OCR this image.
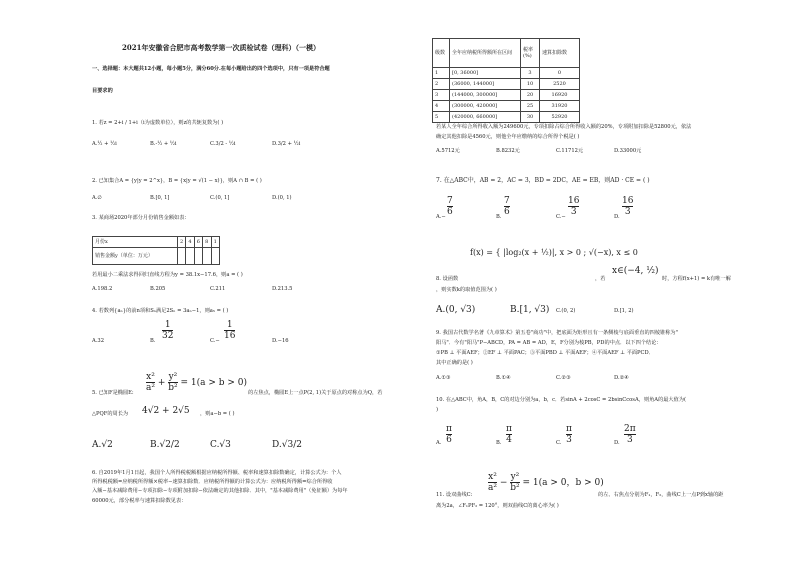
2021年安徽省合肥市高考数学第一次质检试卷（理科）（一模）
一、选择题：本大题共12小题，每小题5分，满分60分.在每小题给出的四个选项中，只有一项是符合题
目要求的
1. 若z = 2+i / 1+i（i为虚数单位），则z的共轭复数为( )
A.½ + ½i	B.-½ + ½i	C.3/2 - ½i	D.3/2 + ½i
2. 已知集合A = {y|y = 2^x}，B = {x|y = √(1 − x)}，则A ∩ B = ( )
A.∅	B.[0, 1]	C.(0, 1]	D.(0, 1)
3. 某商场2020年部分月份销售金额如表：
月份x	2	4	6	8	1
销售金额y（单位：万元）					
若用最小二乘法求得回归直线方程为y = 38.1x−17.6，则a = ( )
A.198.2	B.205	C.211	D.213.5
4. 若数列{aₙ}的前n项和Sₙ满足2Sₙ = 3aₙ−1，则a₅ = ( )
A.32	B. $\frac{1}{32}$	$C.- \frac{1}{16}$	D.−16
5. 已知F是椭圆E: $\frac{\text{x²}}{\text{a²}} + \frac{\text{y²}}{\text{b²}} = 1(a > b > 0)$
的左焦点，椭圆E上一点P(2, 1)关于原点的对称点为Q，若
△PQF的周长为 4√2 + 2√5 ，则a−b = ( )
A.√2	B.√2/2	C.√3	D.√3/2
6. 自2019年1月1日起，我国个人所得税税额根据应纳税所得额、税率和速算扣除数确定，计算公式为：个人
所得税税额=应纳税所得额×税率−速算扣除数．应纳税所得额的计算公式为：应纳税所得额=综合所得收
入额−基本减除费用−专项扣除−专项附加扣除−依法确定的其他扣除．其中，"基本减除费用"（免征额）为每年
60000元，部分税率与速算扣除数见表：
级数	全年应纳税所得额所在区间	税率(%)	速算扣除数
1	[0, 36000]	3	0
2	(36000, 144000]	10	2520
3	(144000, 300000]	20	16920
4	(300000, 420000]	25	31920
5	(420000, 660000]	30	52920
若某人全年综合所得收入额为249600元，专项扣除占综合所得收入额的20%，专项附加扣除是52800元，依法
确定其他扣除是4560元，则他全年应缴纳的综合所得个税是( )
A.5712元	B.8232元	C.11712元	D.33000元
7. 在△ABC中，AB = 2，AC = 3，BD = 2DC，AE = EB，则AD · CE = ( )
$A.- \frac{7}{6}$	B. $\frac{7}{6}$	$C.- \frac{16}{3}$	D. $\frac{16}{3}$
f(x) = { |log₂(x + ½)|, x > 0 ; √(−x), x ≤ 0
8. 设函数	，若
x∈(−4, ½)
时，方程f(x+1) = k有唯一解
，则实数k的取值范围为( )
A.(0, √3)	B.[1, √3) C.(0, 2)	D.[1, 2)
9. 我国古代数学名著《九章算术》第五卷"商功"中，把底面为矩形且有一条侧棱与底面垂直的四棱锥称为"
阳马"．今有"阳马"P−ABCD，PA = AB = AD，E，F分别为棱PB，PD的中点．以下四个结论：
①PB ⊥ 平面AEF；②EF ⊥ 平面PAC；③平面PBD ⊥ 平面AEF；④平面AEF ⊥ 平面PCD．
其中正确的是( )
A.①③	B.①④	C.②③	D.②④
10. 在△ABC中，角A，B，C的对边分别为a，b，c．若sinA + 2cosC = 2bsinCcosA，则角A的最大值为(
)
A. $\frac{\pi}{6}$	B. $\frac{\pi}{4}$	C. $\frac{\pi}{3}$	D. $\frac{2\pi}{3}$
11. 设双曲线C:
$\frac{\text{x²}}{\text{a²}} - \frac{\text{y²}}{\text{b²}} = 1(a > 0$，b > 0)
的左、右焦点分别为F₁，F₂，曲线C上一点P到x轴的距
离为2a，∠F₁PF₂ = 120°，则双曲线C的离心率为( )
